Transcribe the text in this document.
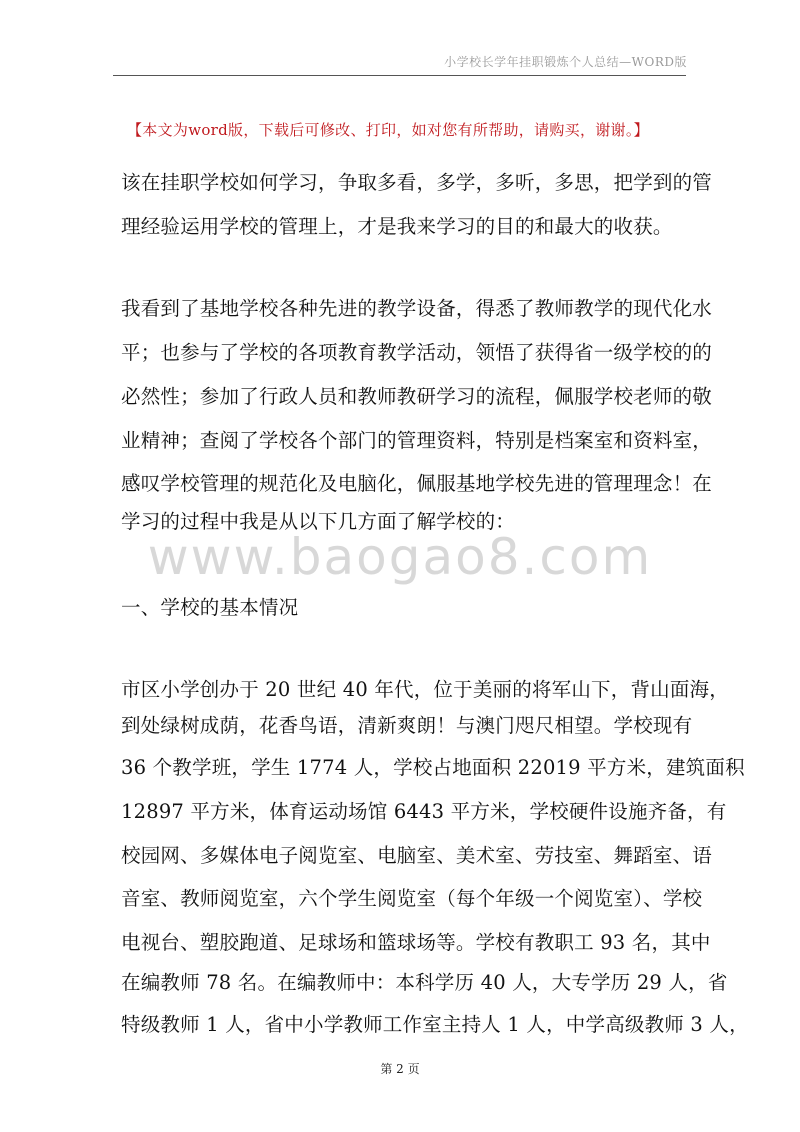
小学校长学年挂职锻炼个人总结—WORD版
【本文为word版，下载后可修改、打印，如对您有所帮助，请购买，谢谢。】
该在挂职学校如何学习，争取多看，多学，多听，多思，把学到的管
理经验运用学校的管理上，才是我来学习的目的和最大的收获。
我看到了基地学校各种先进的教学设备，得悉了教师教学的现代化水
平；也参与了学校的各项教育教学活动，领悟了获得省一级学校的的
必然性；参加了行政人员和教师教研学习的流程，佩服学校老师的敬
业精神；查阅了学校各个部门的管理资料，特别是档案室和资料室，
感叹学校管理的规范化及电脑化，佩服基地学校先进的管理理念！在
学习的过程中我是从以下几方面了解学校的：
www.baogao8.com
一、学校的基本情况
市区小学创办于 20 世纪 40 年代，位于美丽的将军山下，背山面海，
到处绿树成荫，花香鸟语，清新爽朗！与澳门咫尺相望。学校现有
36 个教学班，学生 1774 人，学校占地面积 22019 平方米，建筑面积
12897 平方米，体育运动场馆 6443 平方米，学校硬件设施齐备，有
校园网、多媒体电子阅览室、电脑室、美术室、劳技室、舞蹈室、语
音室、教师阅览室，六个学生阅览室（每个年级一个阅览室）、学校
电视台、塑胶跑道、足球场和篮球场等。学校有教职工 93 名，其中
在编教师 78 名。在编教师中：本科学历 40 人，大专学历 29 人，省
特级教师 1 人，省中小学教师工作室主持人 1 人，中学高级教师 3 人，
第 2 页
